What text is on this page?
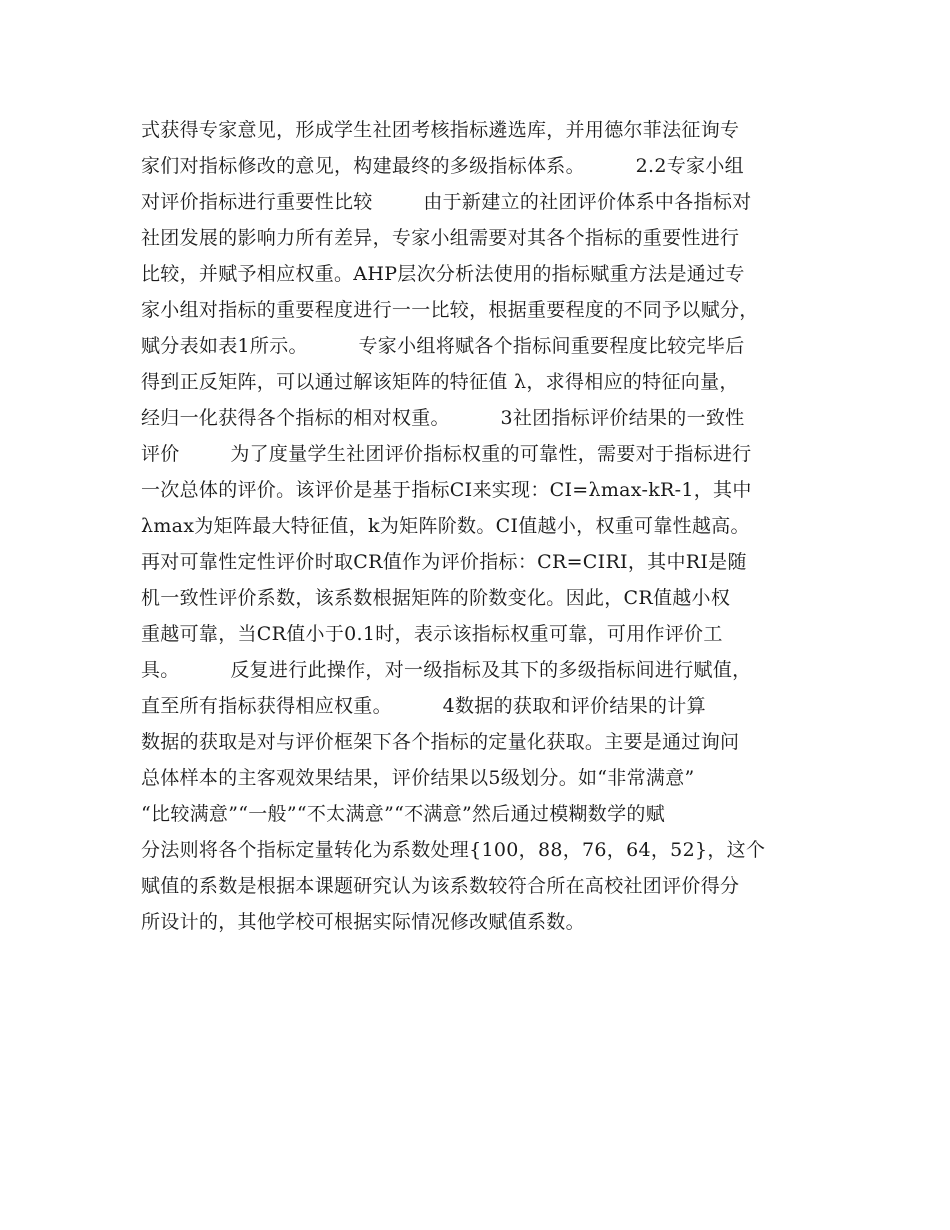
式获得专家意见，形成学生社团考核指标遴选库，并用德尔菲法征询专
家们对指标修改的意见，构建最终的多级指标体系。        2.2专家小组
对评价指标进行重要性比较        由于新建立的社团评价体系中各指标对
社团发展的影响力所有差异，专家小组需要对其各个指标的重要性进行
比较，并赋予相应权重。AHP层次分析法使用的指标赋重方法是通过专
家小组对指标的重要程度进行一一比较，根据重要程度的不同予以赋分，
赋分表如表1所示。        专家小组将赋各个指标间重要程度比较完毕后
得到正反矩阵，可以通过解该矩阵的特征值 λ，求得相应的特征向量，
经归一化获得各个指标的相对权重。        3社团指标评价结果的一致性
评价        为了度量学生社团评价指标权重的可靠性，需要对于指标进行
一次总体的评价。该评价是基于指标CI来实现：CI=λmax-kR-1，其中
λmax为矩阵最大特征值，k为矩阵阶数。CI值越小，权重可靠性越高。
再对可靠性定性评价时取CR值作为评价指标：CR=CIRI，其中RI是随
机一致性评价系数，该系数根据矩阵的阶数变化。因此，CR值越小权
重越可靠，当CR值小于0.1时，表示该指标权重可靠，可用作评价工
具。        反复进行此操作，对一级指标及其下的多级指标间进行赋值，
直至所有指标获得相应权重。        4数据的获取和评价结果的计算
数据的获取是对与评价框架下各个指标的定量化获取。主要是通过询问
总体样本的主客观效果结果，评价结果以5级划分。如“非常满意”
“比较满意”“一般”“不太满意”“不满意”然后通过模糊数学的赋
分法则将各个指标定量转化为系数处理{100，88，76，64，52}，这个
赋值的系数是根据本课题研究认为该系数较符合所在高校社团评价得分
所设计的，其他学校可根据实际情况修改赋值系数。
